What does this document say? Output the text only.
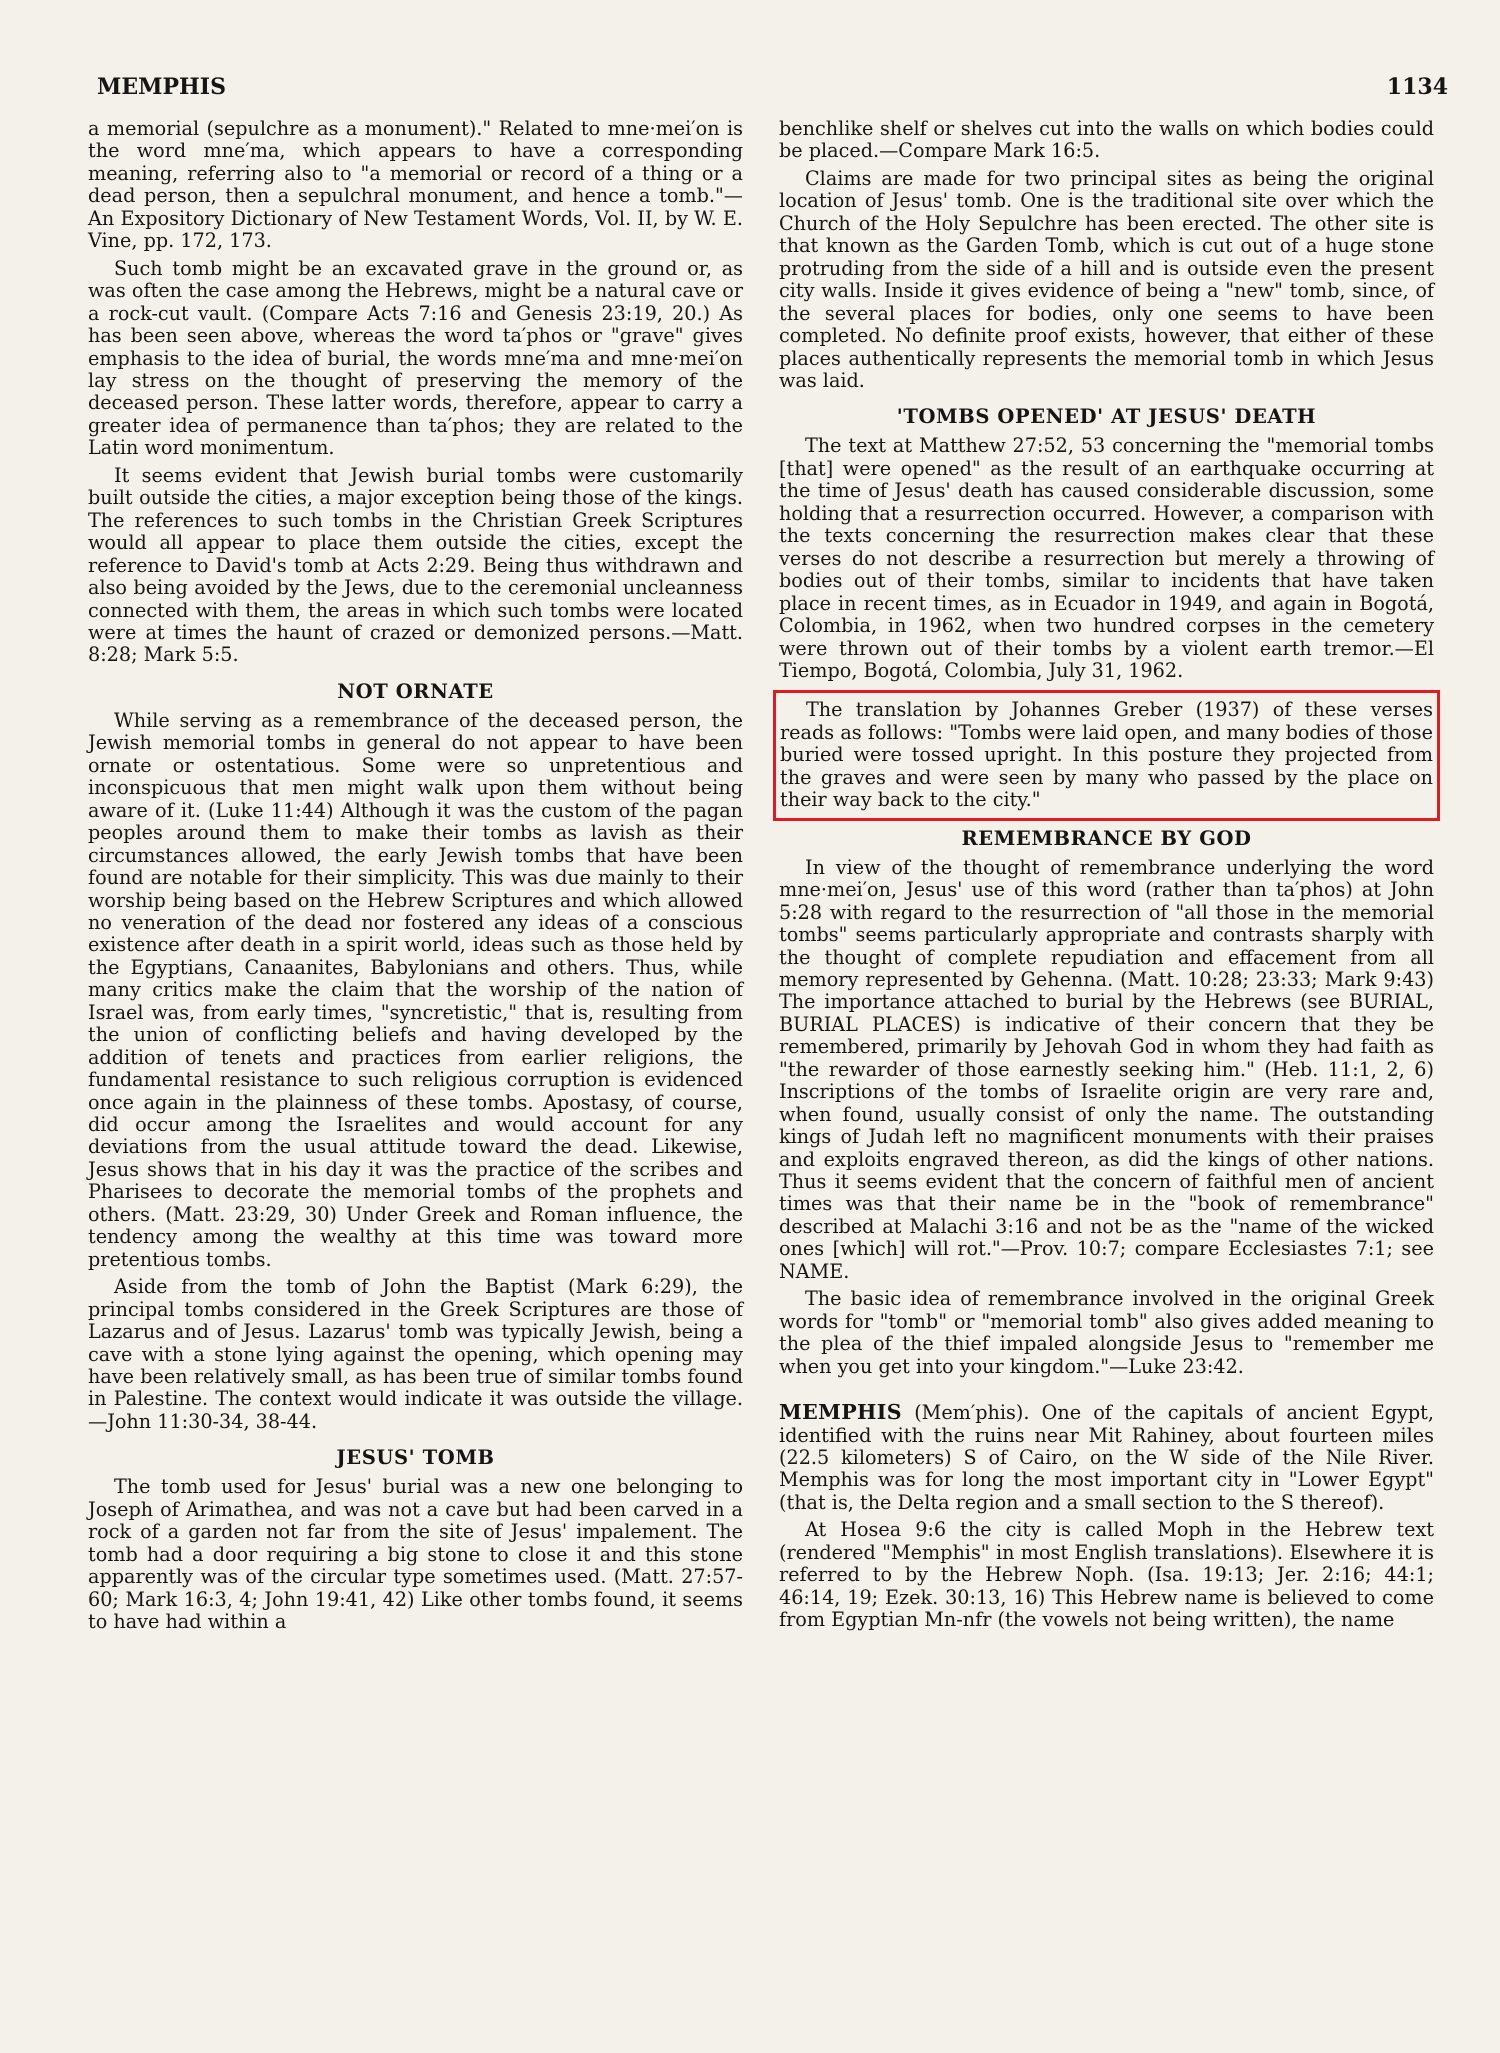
MEMPHIS	1134

a memorial (sepulchre as a monument)." Related to mne·mei′on is the word mne′ma, which appears to have a corresponding meaning, referring also to "a memorial or record of a thing or a dead person, then a sepulchral monument, and hence a tomb."—An Expository Dictionary of New Testament Words, Vol. II, by W. E. Vine, pp. 172, 173.

Such tomb might be an excavated grave in the ground or, as was often the case among the Hebrews, might be a natural cave or a rock-cut vault. (Compare Acts 7:16 and Genesis 23:19, 20.) As has been seen above, whereas the word ta′phos or "grave" gives emphasis to the idea of burial, the words mne′ma and mne·mei′on lay stress on the thought of preserving the memory of the deceased person. These latter words, therefore, appear to carry a greater idea of permanence than ta′phos; they are related to the Latin word monimentum.

It seems evident that Jewish burial tombs were customarily built outside the cities, a major exception being those of the kings. The references to such tombs in the Christian Greek Scriptures would all appear to place them outside the cities, except the reference to David's tomb at Acts 2:29. Being thus withdrawn and also being avoided by the Jews, due to the ceremonial uncleanness connected with them, the areas in which such tombs were located were at times the haunt of crazed or demonized persons.—Matt. 8:28; Mark 5:5.

NOT ORNATE

While serving as a remembrance of the deceased person, the Jewish memorial tombs in general do not appear to have been ornate or ostentatious. Some were so unpretentious and inconspicuous that men might walk upon them without being aware of it. (Luke 11:44) Although it was the custom of the pagan peoples around them to make their tombs as lavish as their circumstances allowed, the early Jewish tombs that have been found are notable for their simplicity. This was due mainly to their worship being based on the Hebrew Scriptures and which allowed no veneration of the dead nor fostered any ideas of a conscious existence after death in a spirit world, ideas such as those held by the Egyptians, Canaanites, Babylonians and others. Thus, while many critics make the claim that the worship of the nation of Israel was, from early times, "syncretistic," that is, resulting from the union of conflicting beliefs and having developed by the addition of tenets and practices from earlier religions, the fundamental resistance to such religious corruption is evidenced once again in the plainness of these tombs. Apostasy, of course, did occur among the Israelites and would account for any deviations from the usual attitude toward the dead. Likewise, Jesus shows that in his day it was the practice of the scribes and Pharisees to decorate the memorial tombs of the prophets and others. (Matt. 23:29, 30) Under Greek and Roman influence, the tendency among the wealthy at this time was toward more pretentious tombs.

Aside from the tomb of John the Baptist (Mark 6:29), the principal tombs considered in the Greek Scriptures are those of Lazarus and of Jesus. Lazarus' tomb was typically Jewish, being a cave with a stone lying against the opening, which opening may have been relatively small, as has been true of similar tombs found in Palestine. The context would indicate it was outside the village.—John 11:30-34, 38-44.

JESUS' TOMB

The tomb used for Jesus' burial was a new one belonging to Joseph of Arimathea, and was not a cave but had been carved in a rock of a garden not far from the site of Jesus' impalement. The tomb had a door requiring a big stone to close it and this stone apparently was of the circular type sometimes used. (Matt. 27:57-60; Mark 16:3, 4; John 19:41, 42) Like other tombs found, it seems to have had within a

benchlike shelf or shelves cut into the walls on which bodies could be placed.—Compare Mark 16:5.

Claims are made for two principal sites as being the original location of Jesus' tomb. One is the traditional site over which the Church of the Holy Sepulchre has been erected. The other site is that known as the Garden Tomb, which is cut out of a huge stone protruding from the side of a hill and is outside even the present city walls. Inside it gives evidence of being a "new" tomb, since, of the several places for bodies, only one seems to have been completed. No definite proof exists, however, that either of these places authentically represents the memorial tomb in which Jesus was laid.

'TOMBS OPENED' AT JESUS' DEATH

The text at Matthew 27:52, 53 concerning the "memorial tombs [that] were opened" as the result of an earthquake occurring at the time of Jesus' death has caused considerable discussion, some holding that a resurrection occurred. However, a comparison with the texts concerning the resurrection makes clear that these verses do not describe a resurrection but merely a throwing of bodies out of their tombs, similar to incidents that have taken place in recent times, as in Ecuador in 1949, and again in Bogotá, Colombia, in 1962, when two hundred corpses in the cemetery were thrown out of their tombs by a violent earth tremor.—El Tiempo, Bogotá, Colombia, July 31, 1962.

The translation by Johannes Greber (1937) of these verses reads as follows: "Tombs were laid open, and many bodies of those buried were tossed upright. In this posture they projected from the graves and were seen by many who passed by the place on their way back to the city."

REMEMBRANCE BY GOD

In view of the thought of remembrance underlying the word mne·mei′on, Jesus' use of this word (rather than ta′phos) at John 5:28 with regard to the resurrection of "all those in the memorial tombs" seems particularly appropriate and contrasts sharply with the thought of complete repudiation and effacement from all memory represented by Gehenna. (Matt. 10:28; 23:33; Mark 9:43) The importance attached to burial by the Hebrews (see BURIAL, BURIAL PLACES) is indicative of their concern that they be remembered, primarily by Jehovah God in whom they had faith as "the rewarder of those earnestly seeking him." (Heb. 11:1, 2, 6) Inscriptions of the tombs of Israelite origin are very rare and, when found, usually consist of only the name. The outstanding kings of Judah left no magnificent monuments with their praises and exploits engraved thereon, as did the kings of other nations. Thus it seems evident that the concern of faithful men of ancient times was that their name be in the "book of remembrance" described at Malachi 3:16 and not be as the "name of the wicked ones [which] will rot."—Prov. 10:7; compare Ecclesiastes 7:1; see NAME.

The basic idea of remembrance involved in the original Greek words for "tomb" or "memorial tomb" also gives added meaning to the plea of the thief impaled alongside Jesus to "remember me when you get into your kingdom."—Luke 23:42.

MEMPHIS (Mem′phis). One of the capitals of ancient Egypt, identified with the ruins near Mit Rahiney, about fourteen miles (22.5 kilometers) S of Cairo, on the W side of the Nile River. Memphis was for long the most important city in "Lower Egypt" (that is, the Delta region and a small section to the S thereof).

At Hosea 9:6 the city is called Moph in the Hebrew text (rendered "Memphis" in most English translations). Elsewhere it is referred to by the Hebrew Noph. (Isa. 19:13; Jer. 2:16; 44:1; 46:14, 19; Ezek. 30:13, 16) This Hebrew name is believed to come from Egyptian Mn-nfr (the vowels not being written), the name
